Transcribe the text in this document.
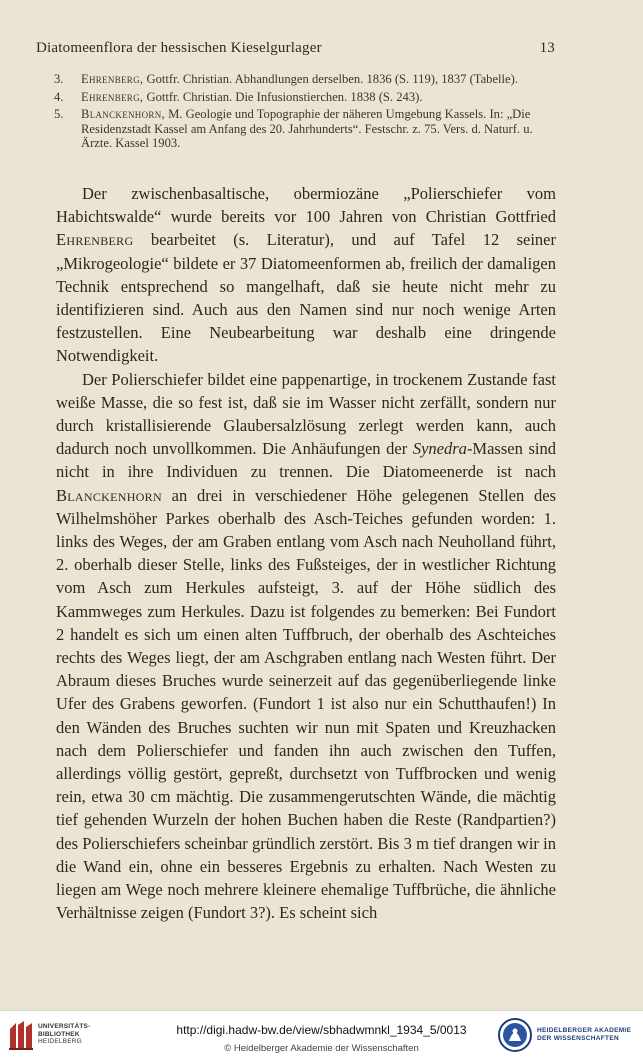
Diatomeenflora der hessischen Kieselgurlager	13
3.	Ehrenberg, Gottfr. Christian. Abhandlungen derselben. 1836 (S. 119), 1837 (Tabelle).
4.	Ehrenberg, Gottfr. Christian. Die Infusionstierchen. 1838 (S. 243).
5.	Blanckenhorn, M. Geologie und Topographie der näheren Umgebung Kassels. In: „Die Residenzstadt Kassel am Anfang des 20. Jahrhunderts“. Festschr. z. 75. Vers. d. Naturf. u. Ärzte. Kassel 1903.

Der zwischenbasaltische, obermiozäne „Polierschiefer vom Habichtswalde“ wurde bereits vor 100 Jahren von Christian Gottfried Ehrenberg bearbeitet (s. Literatur), und auf Tafel 12 seiner „Mikrogeologie“ bildete er 37 Diatomeenformen ab, freilich der damaligen Technik entsprechend so mangelhaft, daß sie heute nicht mehr zu identifizieren sind. Auch aus den Namen sind nur noch wenige Arten festzustellen. Eine Neubearbeitung war deshalb eine dringende Notwendigkeit.

Der Polierschiefer bildet eine pappenartige, in trockenem Zustande fast weiße Masse, die so fest ist, daß sie im Wasser nicht zerfällt, sondern nur durch kristallisierende Glaubersalzlösung zerlegt werden kann, auch dadurch noch unvollkommen. Die Anhäufungen der Synedra-Massen sind nicht in ihre Individuen zu trennen. Die Diatomeenerde ist nach Blanckenhorn an drei in verschiedener Höhe gelegenen Stellen des Wilhelmshöher Parkes oberhalb des Asch-Teiches gefunden worden: 1. links des Weges, der am Graben entlang vom Asch nach Neuholland führt, 2. oberhalb dieser Stelle, links des Fußsteiges, der in westlicher Richtung vom Asch zum Herkules aufsteigt, 3. auf der Höhe südlich des Kammweges zum Herkules. Dazu ist folgendes zu bemerken: Bei Fundort 2 handelt es sich um einen alten Tuffbruch, der oberhalb des Aschteiches rechts des Weges liegt, der am Aschgraben entlang nach Westen führt. Der Abraum dieses Bruches wurde seinerzeit auf das gegenüberliegende linke Ufer des Grabens geworfen. (Fundort 1 ist also nur ein Schutthaufen!) In den Wänden des Bruches suchten wir nun mit Spaten und Kreuzhacken nach dem Polierschiefer und fanden ihn auch zwischen den Tuffen, allerdings völlig gestört, gepreßt, durchsetzt von Tuffbrocken und wenig rein, etwa 30 cm mächtig. Die zusammengerutschten Wände, die mächtig tief gehenden Wurzeln der hohen Buchen haben die Reste (Randpartien?) des Polierschiefers scheinbar gründlich zerstört. Bis 3 m tief drangen wir in die Wand ein, ohne ein besseres Ergebnis zu erhalten. Nach Westen zu liegen am Wege noch mehrere kleinere ehemalige Tuffbrüche, die ähnliche Verhältnisse zeigen (Fundort 3?). Es scheint sich

UNIVERSITÄTS-
BIBLIOTHEK
HEIDELBERG
http://digi.hadw-bw.de/view/sbhadwmnkl_1934_5/0013
© Heidelberger Akademie der Wissenschaften
HEIDELBERGER AKADEMIE
DER WISSENSCHAFTEN
